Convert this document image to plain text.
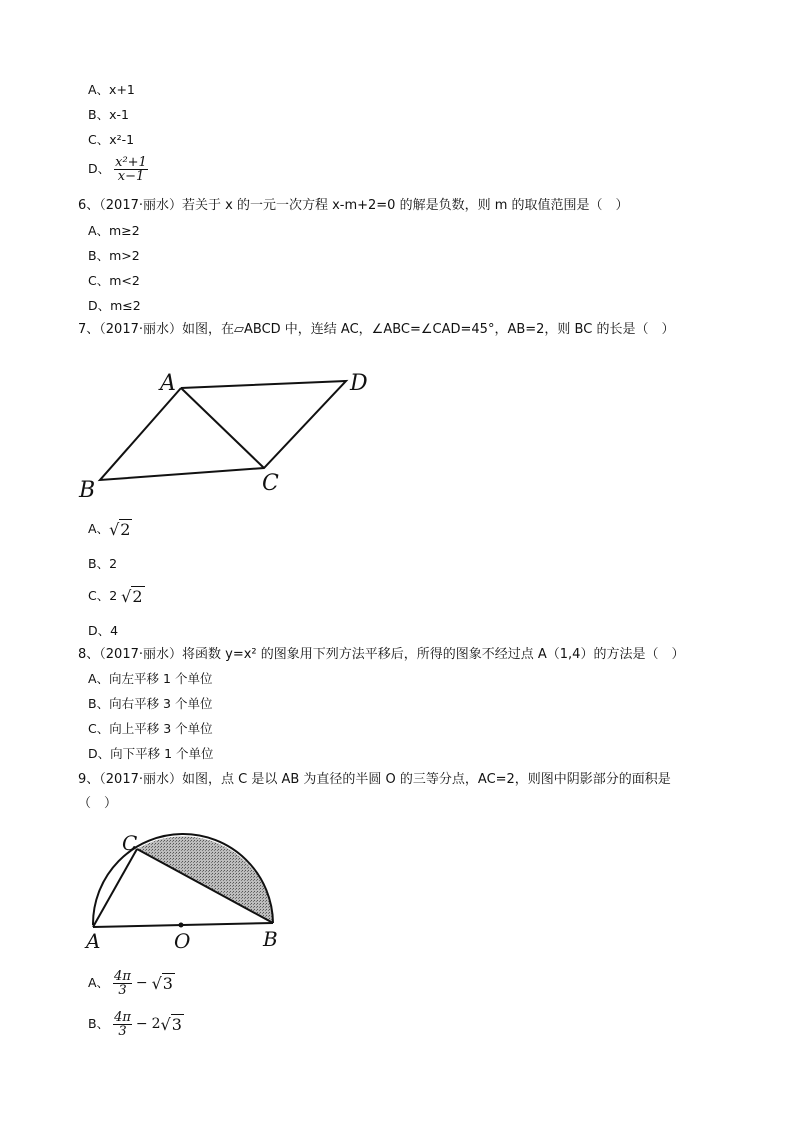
A、x+1
B、x-1
C、x²-1
D、 $\frac{\text{x²+1}}{x-1}$
6、（2017·丽水）若关于 x 的一元一次方程 x-m+2=0 的解是负数，则 m 的取值范围是（　）
A、m≥2
B、m>2
C、m<2
D、m≤2
7、（2017·丽水）如图，在▱ABCD 中，连结 AC，∠ABC=∠CAD=45°，AB=2，则 BC 的长是（　）
A	D
C
B
A、√2
B、2
C、2 √2
D、4
8、（2017·丽水）将函数 y=x² 的图象用下列方法平移后，所得的图象不经过点 A（1,4）的方法是（　）
A、向左平移 1 个单位
B、向右平移 3 个单位
C、向上平移 3 个单位
D、向下平移 1 个单位
9、（2017·丽水）如图，点 C 是以 AB 为直径的半圆 O 的三等分点，AC=2，则图中阴影部分的面积是
（　）
C
A	O	B
A、 $\frac{4\pi}{3} - √3$
B、 $\frac{4\pi}{3} - 2√3$
